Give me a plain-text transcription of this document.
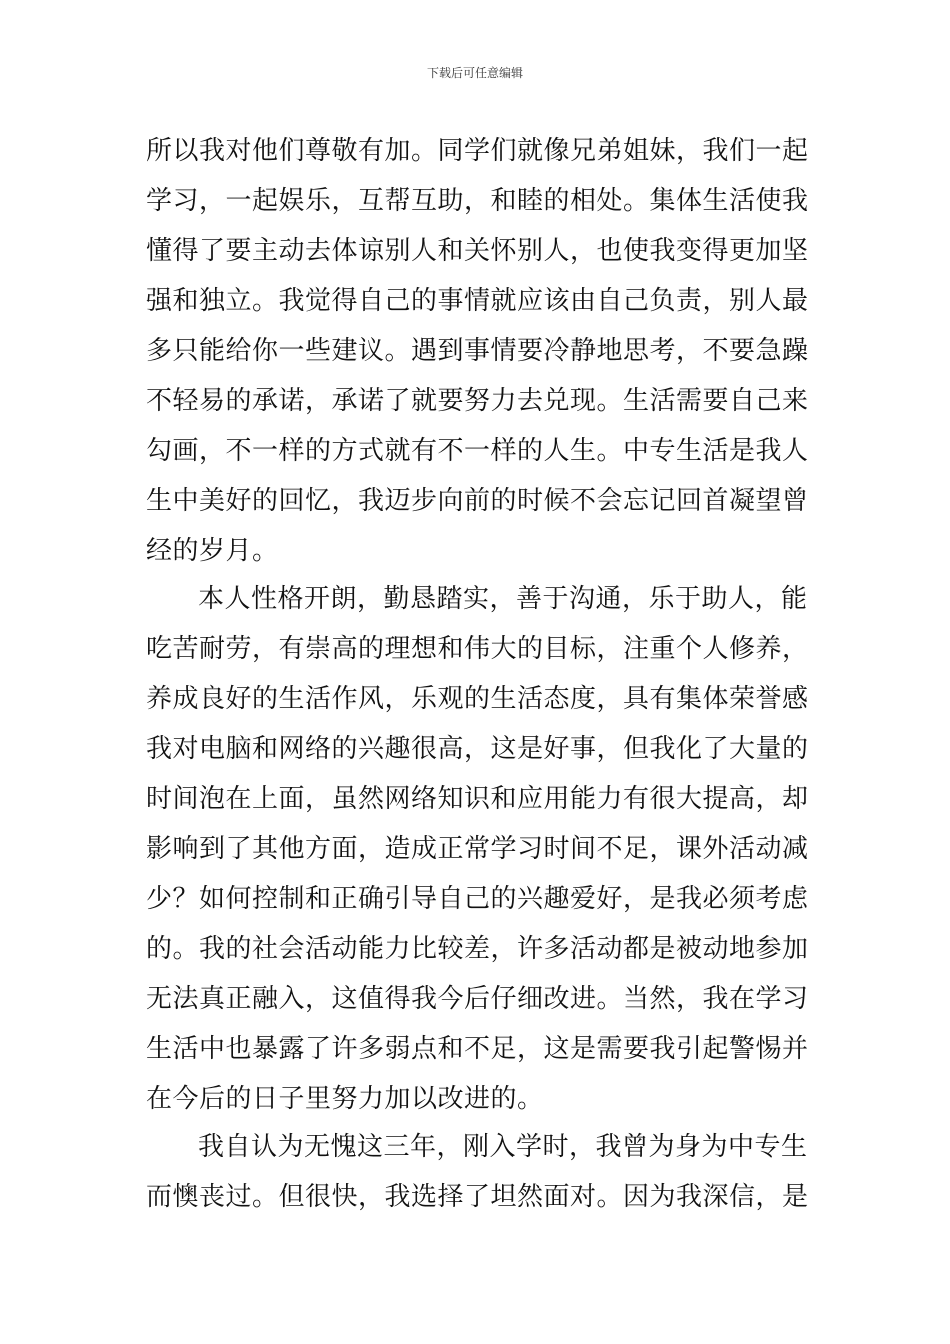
下载后可任意编辑
所以我对他们尊敬有加。同学们就像兄弟姐妹，我们一起
学习，一起娱乐，互帮互助，和睦的相处。集体生活使我
懂得了要主动去体谅别人和关怀别人，也使我变得更加坚
强和独立。我觉得自己的事情就应该由自己负责，别人最
多只能给你一些建议。遇到事情要冷静地思考，不要急躁
不轻易的承诺，承诺了就要努力去兑现。生活需要自己来
勾画，不一样的方式就有不一样的人生。中专生活是我人
生中美好的回忆，我迈步向前的时候不会忘记回首凝望曾
经的岁月。
本人性格开朗，勤恳踏实，善于沟通，乐于助人，能
吃苦耐劳，有崇高的理想和伟大的目标，注重个人修养，
养成良好的生活作风，乐观的生活态度，具有集体荣誉感
我对电脑和网络的兴趣很高，这是好事，但我化了大量的
时间泡在上面，虽然网络知识和应用能力有很大提高，却
影响到了其他方面，造成正常学习时间不足，课外活动减
少？如何控制和正确引导自己的兴趣爱好，是我必须考虑
的。我的社会活动能力比较差，许多活动都是被动地参加
无法真正融入，这值得我今后仔细改进。当然，我在学习
生活中也暴露了许多弱点和不足，这是需要我引起警惕并
在今后的日子里努力加以改进的。
我自认为无愧这三年，刚入学时，我曾为身为中专生
而懊丧过。但很快，我选择了坦然面对。因为我深信，是
